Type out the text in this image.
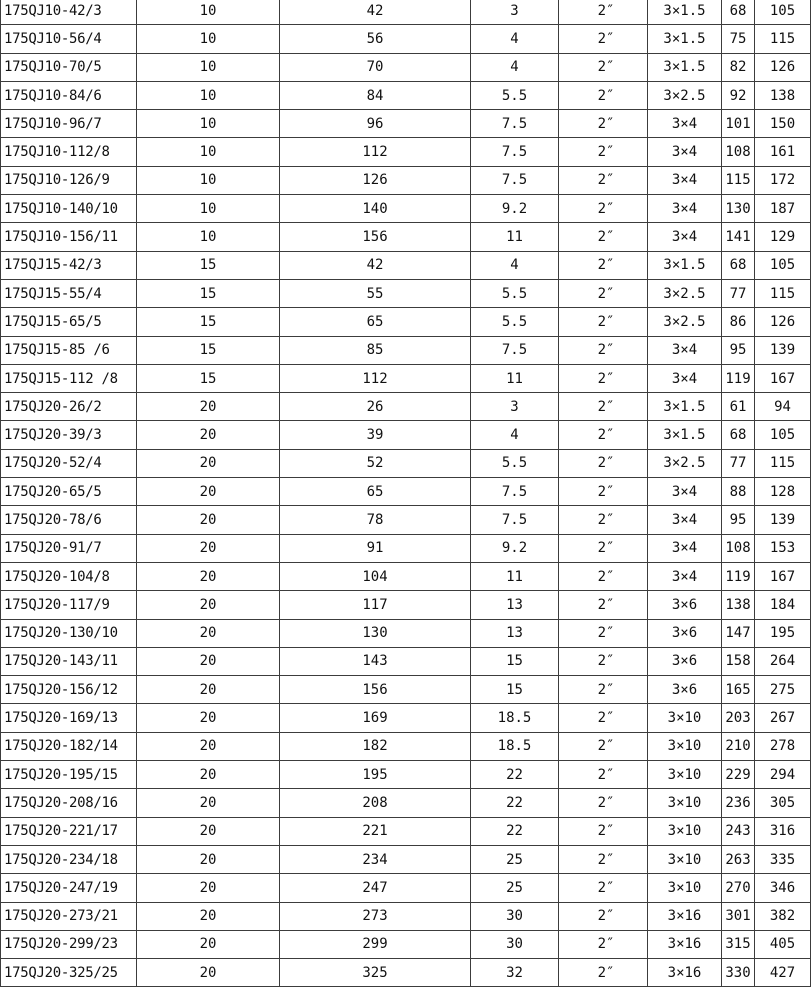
175QJ10-42/3	10	42	3	2″	3×1.5	68	105
175QJ10-56/4	10	56	4	2″	3×1.5	75	115
175QJ10-70/5	10	70	4	2″	3×1.5	82	126
175QJ10-84/6	10	84	5.5	2″	3×2.5	92	138
175QJ10-96/7	10	96	7.5	2″	3×4	101	150
175QJ10-112/8	10	112	7.5	2″	3×4	108	161
175QJ10-126/9	10	126	7.5	2″	3×4	115	172
175QJ10-140/10	10	140	9.2	2″	3×4	130	187
175QJ10-156/11	10	156	11	2″	3×4	141	129
175QJ15-42/3	15	42	4	2″	3×1.5	68	105
175QJ15-55/4	15	55	5.5	2″	3×2.5	77	115
175QJ15-65/5	15	65	5.5	2″	3×2.5	86	126
175QJ15-85 /6	15	85	7.5	2″	3×4	95	139
175QJ15-112 /8	15	112	11	2″	3×4	119	167
175QJ20-26/2	20	26	3	2″	3×1.5	61	94
175QJ20-39/3	20	39	4	2″	3×1.5	68	105
175QJ20-52/4	20	52	5.5	2″	3×2.5	77	115
175QJ20-65/5	20	65	7.5	2″	3×4	88	128
175QJ20-78/6	20	78	7.5	2″	3×4	95	139
175QJ20-91/7	20	91	9.2	2″	3×4	108	153
175QJ20-104/8	20	104	11	2″	3×4	119	167
175QJ20-117/9	20	117	13	2″	3×6	138	184
175QJ20-130/10	20	130	13	2″	3×6	147	195
175QJ20-143/11	20	143	15	2″	3×6	158	264
175QJ20-156/12	20	156	15	2″	3×6	165	275
175QJ20-169/13	20	169	18.5	2″	3×10	203	267
175QJ20-182/14	20	182	18.5	2″	3×10	210	278
175QJ20-195/15	20	195	22	2″	3×10	229	294
175QJ20-208/16	20	208	22	2″	3×10	236	305
175QJ20-221/17	20	221	22	2″	3×10	243	316
175QJ20-234/18	20	234	25	2″	3×10	263	335
175QJ20-247/19	20	247	25	2″	3×10	270	346
175QJ20-273/21	20	273	30	2″	3×16	301	382
175QJ20-299/23	20	299	30	2″	3×16	315	405
175QJ20-325/25	20	325	32	2″	3×16	330	427
